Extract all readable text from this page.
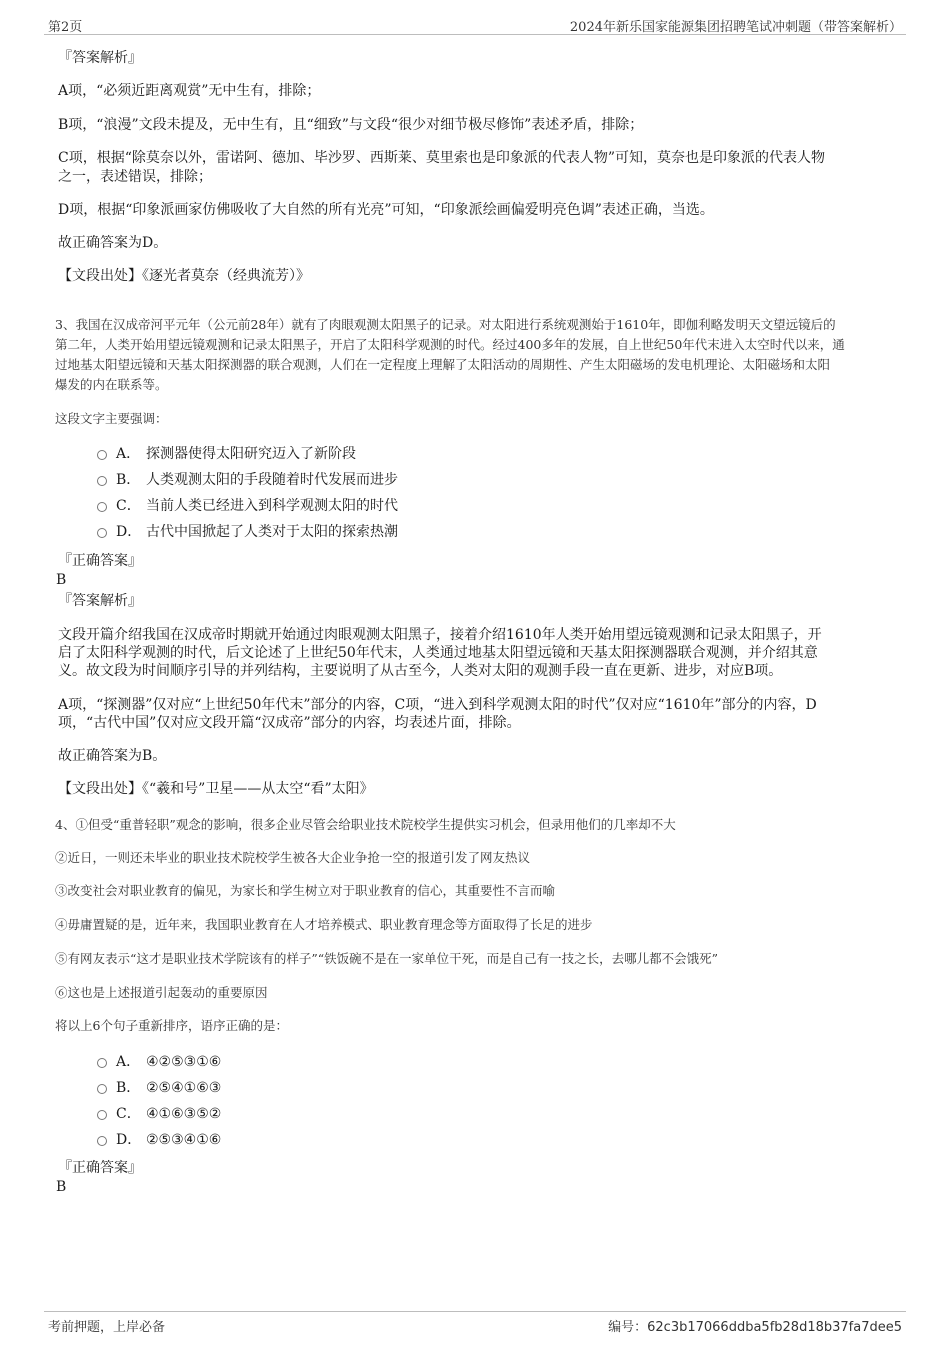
第2页	2024年新乐国家能源集团招聘笔试冲刺题（带答案解析）
『答案解析』
A项，“必须近距离观赏”无中生有，排除；
B项，“浪漫”文段未提及，无中生有，且“细致”与文段“很少对细节极尽修饰”表述矛盾，排除；
C项，根据“除莫奈以外，雷诺阿、德加、毕沙罗、西斯莱、莫里索也是印象派的代表人物”可知，莫奈也是印象派的代表人物
之一，表述错误，排除；
D项，根据“印象派画家仿佛吸收了大自然的所有光亮”可知，“印象派绘画偏爱明亮色调”表述正确，当选。
故正确答案为D。
【文段出处】《逐光者莫奈（经典流芳）》
3、我国在汉成帝河平元年（公元前28年）就有了肉眼观测太阳黑子的记录。对太阳进行系统观测始于1610年，即伽利略发明天文望远镜后的
第二年，人类开始用望远镜观测和记录太阳黑子，开启了太阳科学观测的时代。经过400多年的发展，自上世纪50年代末进入太空时代以来，通
过地基太阳望远镜和天基太阳探测器的联合观测，人们在一定程度上理解了太阳活动的周期性、产生太阳磁场的发电机理论、太阳磁场和太阳
爆发的内在联系等。
这段文字主要强调：
A． 探测器使得太阳研究迈入了新阶段
B． 人类观测太阳的手段随着时代发展而进步
C． 当前人类已经进入到科学观测太阳的时代
D． 古代中国掀起了人类对于太阳的探索热潮
『正确答案』
B
『答案解析』
文段开篇介绍我国在汉成帝时期就开始通过肉眼观测太阳黑子，接着介绍1610年人类开始用望远镜观测和记录太阳黑子，开
启了太阳科学观测的时代，后文论述了上世纪50年代末，人类通过地基太阳望远镜和天基太阳探测器联合观测，并介绍其意
义。故文段为时间顺序引导的并列结构，主要说明了从古至今，人类对太阳的观测手段一直在更新、进步，对应B项。
A项，“探测器”仅对应“上世纪50年代末”部分的内容，C项，“进入到科学观测太阳的时代”仅对应“1610年”部分的内容，D
项，“古代中国”仅对应文段开篇“汉成帝”部分的内容，均表述片面，排除。
故正确答案为B。
【文段出处】《“羲和号”卫星——从太空“看”太阳》
4、①但受“重普轻职”观念的影响，很多企业尽管会给职业技术院校学生提供实习机会，但录用他们的几率却不大
②近日，一则还未毕业的职业技术院校学生被各大企业争抢一空的报道引发了网友热议
③改变社会对职业教育的偏见，为家长和学生树立对于职业教育的信心，其重要性不言而喻
④毋庸置疑的是，近年来，我国职业教育在人才培养模式、职业教育理念等方面取得了长足的进步
⑤有网友表示“这才是职业技术学院该有的样子”“铁饭碗不是在一家单位干死，而是自己有一技之长，去哪儿都不会饿死”
⑥这也是上述报道引起轰动的重要原因
将以上6个句子重新排序，语序正确的是：
A． ④②⑤③①⑥
B． ②⑤④①⑥③
C． ④①⑥③⑤②
D． ②⑤③④①⑥
『正确答案』
B
考前押题，上岸必备	编号：62c3b17066ddba5fb28d18b37fa7dee5
